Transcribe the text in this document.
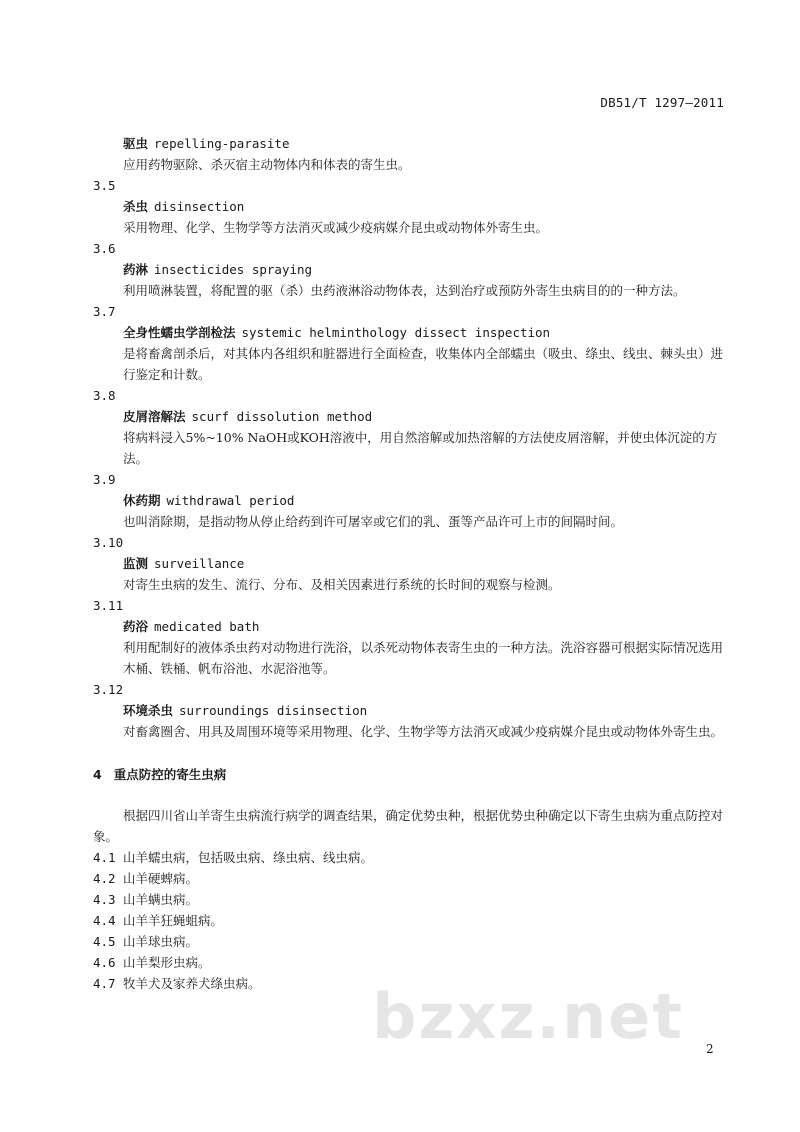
DB51/T 1297—2011
驱虫 repelling-parasite
应用药物驱除、杀灭宿主动物体内和体表的寄生虫。
3.5
杀虫 disinsection
采用物理、化学、生物学等方法消灭或减少疫病媒介昆虫或动物体外寄生虫。
3.6
药淋 insecticides spraying
利用喷淋装置，将配置的驱（杀）虫药液淋浴动物体表，达到治疗或预防外寄生虫病目的的一种方法。
3.7
全身性蠕虫学剖检法 systemic helminthology dissect inspection
是将畜禽剖杀后，对其体内各组织和脏器进行全面检查，收集体内全部蠕虫（吸虫、绦虫、线虫、棘头虫）进行鉴定和计数。
3.8
皮屑溶解法 scurf dissolution method
将病料浸入5%~10% NaOH或KOH溶液中，用自然溶解或加热溶解的方法使皮屑溶解，并使虫体沉淀的方法。
3.9
休药期 withdrawal period
也叫消除期，是指动物从停止给药到许可屠宰或它们的乳、蛋等产品许可上市的间隔时间。
3.10
监测 surveillance
对寄生虫病的发生、流行、分布、及相关因素进行系统的长时间的观察与检测。
3.11
药浴 medicated bath
利用配制好的液体杀虫药对动物进行洗浴，以杀死动物体表寄生虫的一种方法。洗浴容器可根据实际情况选用木桶、铁桶、帆布浴池、水泥浴池等。
3.12
环境杀虫 surroundings disinsection
对畜禽圈舍、用具及周围环境等采用物理、化学、生物学等方法消灭或减少疫病媒介昆虫或动物体外寄生虫。
4 重点防控的寄生虫病
根据四川省山羊寄生虫病流行病学的调查结果，确定优势虫种，根据优势虫种确定以下寄生虫病为重点防控对象。
4.1 山羊蠕虫病，包括吸虫病、绦虫病、线虫病。
4.2 山羊硬蜱病。
4.3 山羊螨虫病。
4.4 山羊羊狂蝇蛆病。
4.5 山羊球虫病。
4.6 山羊梨形虫病。
4.7 牧羊犬及家养犬绦虫病。	bzxz.net 2
